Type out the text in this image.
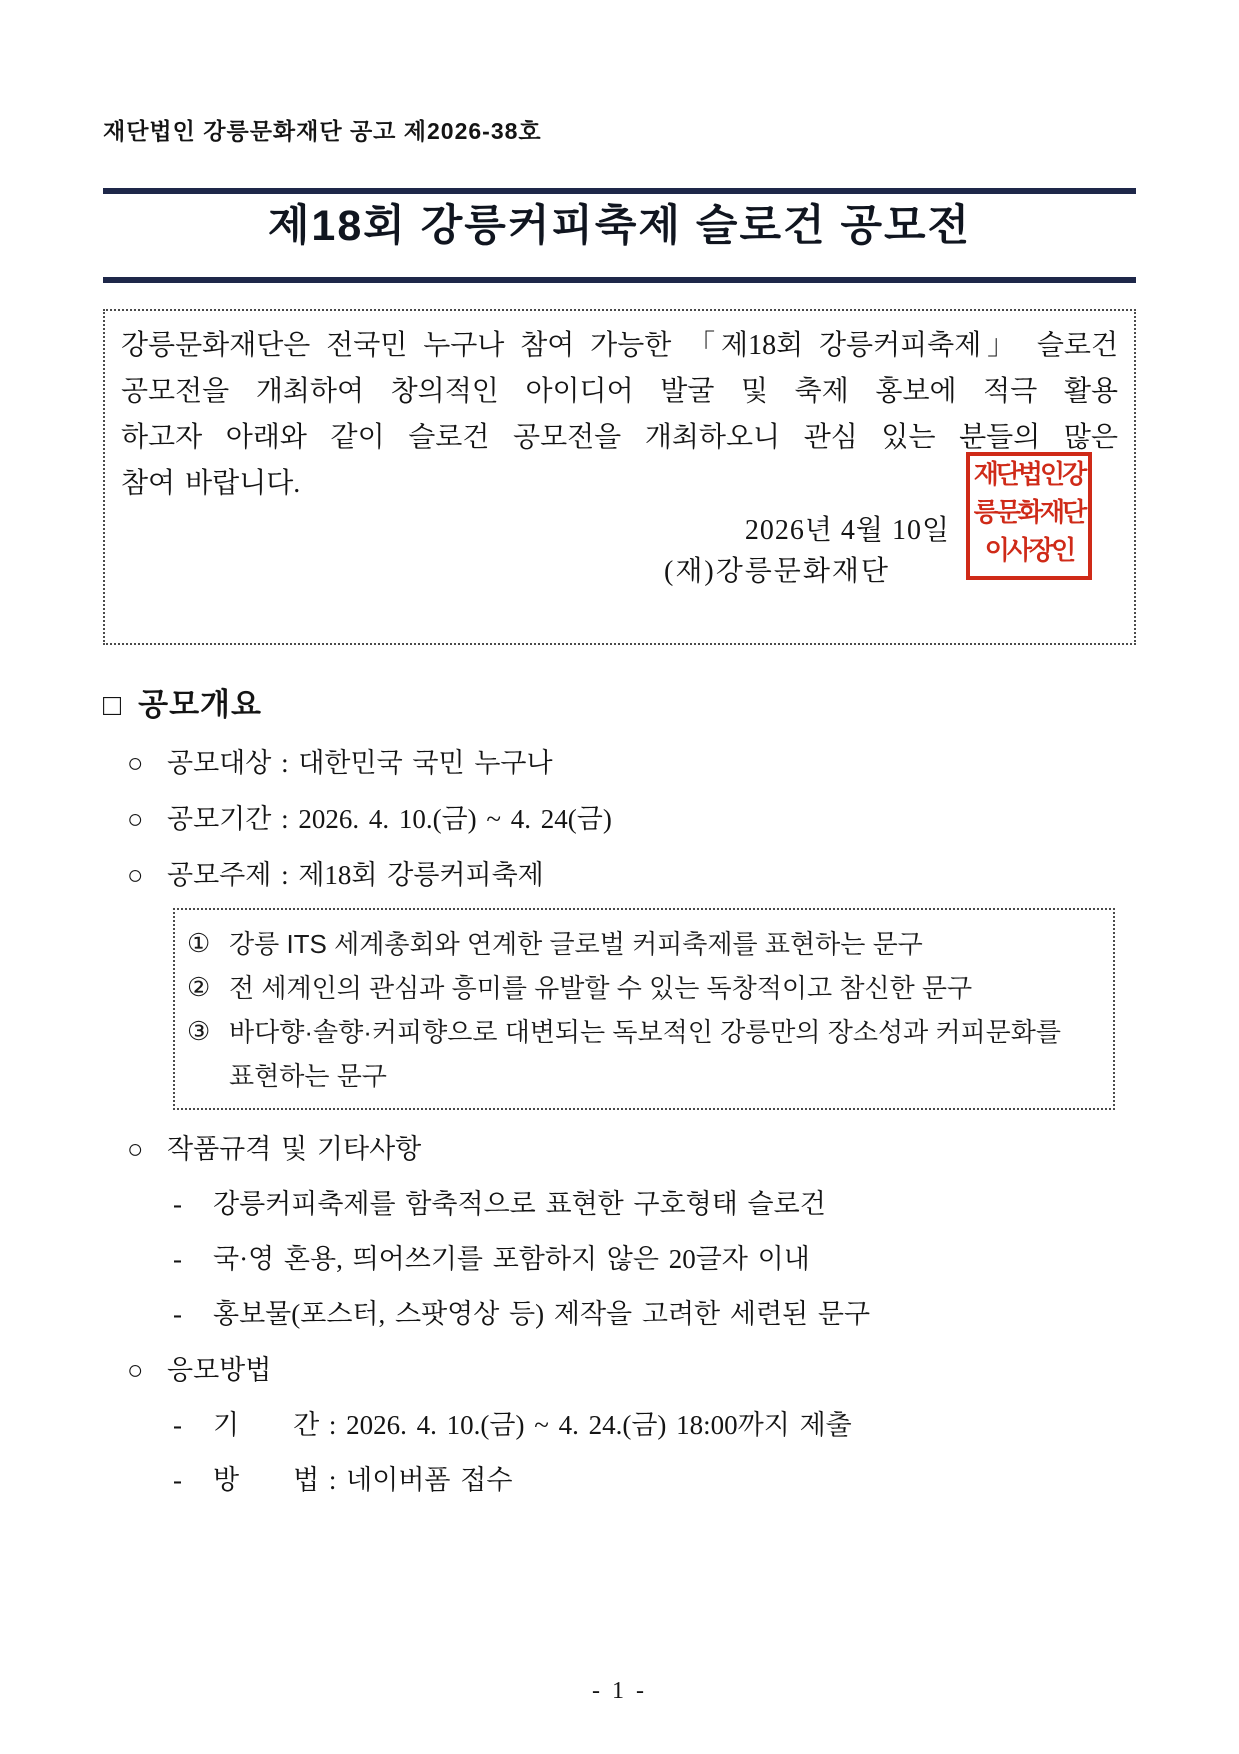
재단법인 강릉문화재단 공고 제2026-38호
제18회 강릉커피축제 슬로건 공모전
강릉문화재단은 전국민 누구나 참여 가능한 「제18회 강릉커피축제」 슬로건
공모전을 개최하여 창의적인 아이디어 발굴 및 축제 홍보에 적극 활용
하고자 아래와 같이 슬로건 공모전을 개최하오니 관심 있는 분들의 많은
참여 바랍니다.
2026년 4월 10일
(재)강릉문화재단
재단법인강
릉문화재단
이사장인
□ 공모개요
○ 공모대상 : 대한민국 국민 누구나
○ 공모기간 : 2026. 4. 10.(금) ~ 4. 24(금)
○ 공모주제 : 제18회 강릉커피축제
① 강릉 ITS 세계총회와 연계한 글로벌 커피축제를 표현하는 문구
② 전 세계인의 관심과 흥미를 유발할 수 있는 독창적이고 참신한 문구
③ 바다향·솔향·커피향으로 대변되는 독보적인 강릉만의 장소성과 커피문화를
표현하는 문구
○ 작품규격 및 기타사항
-	강릉커피축제를 함축적으로 표현한 구호형태 슬로건
-	국·영 혼용, 띄어쓰기를 포함하지 않은 20글자 이내
-	홍보물(포스터, 스팟영상 등) 제작을 고려한 세련된 문구
○ 응모방법
-	기　　간 : 2026. 4. 10.(금) ~ 4. 24.(금) 18:00까지 제출
-	방　　법 : 네이버폼 접수
- 1 -
